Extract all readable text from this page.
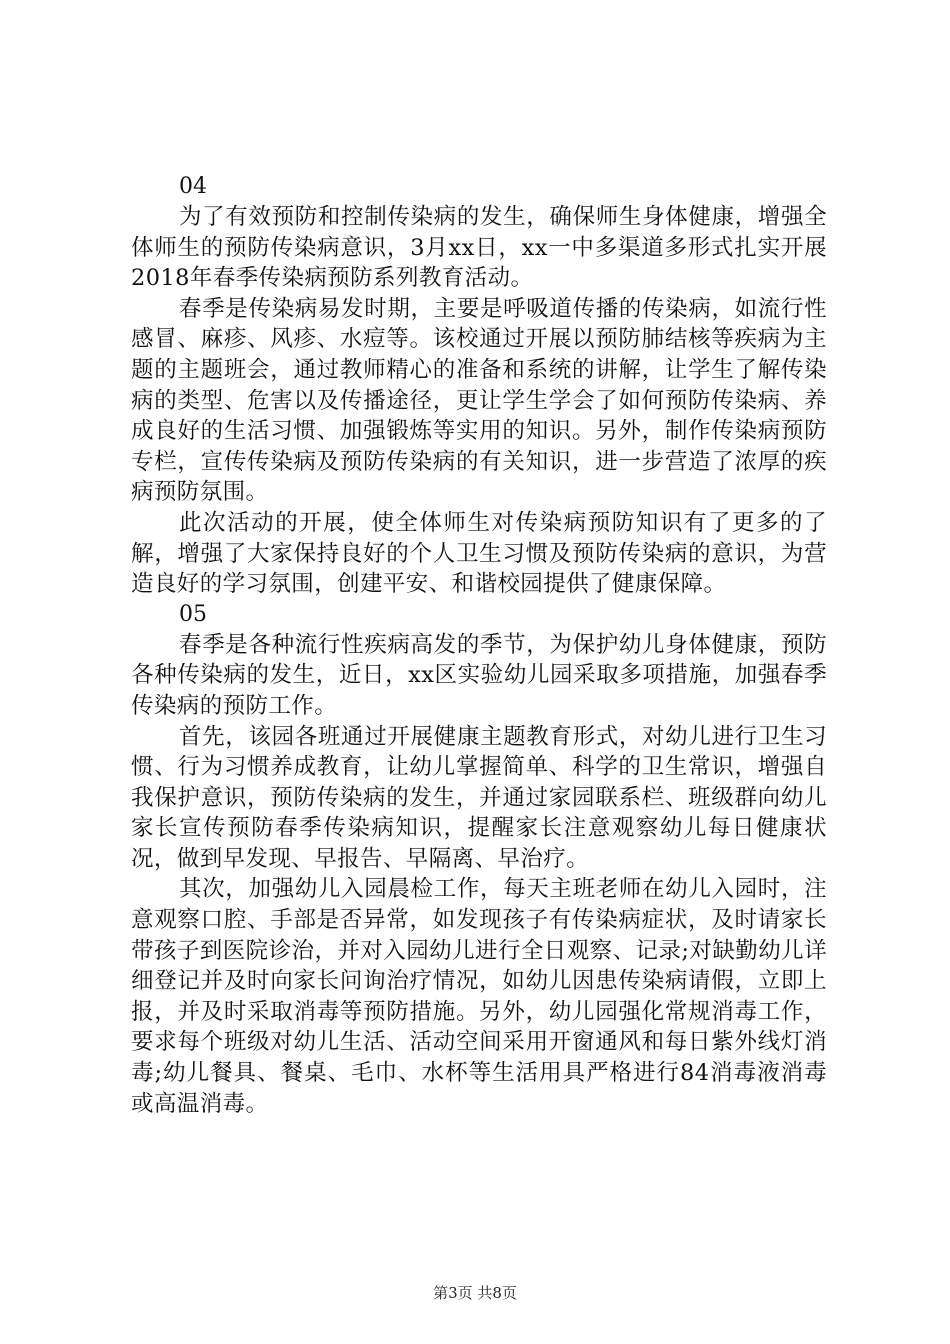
04

为了有效预防和控制传染病的发生，确保师生身体健康，增强全体师生的预防传染病意识，3月xx日，xx一中多渠道多形式扎实开展2018年春季传染病预防系列教育活动。

春季是传染病易发时期，主要是呼吸道传播的传染病，如流行性感冒、麻疹、风疹、水痘等。该校通过开展以预防肺结核等疾病为主题的主题班会，通过教师精心的准备和系统的讲解，让学生了解传染病的类型、危害以及传播途径，更让学生学会了如何预防传染病、养成良好的生活习惯、加强锻炼等实用的知识。另外，制作传染病预防专栏，宣传传染病及预防传染病的有关知识，进一步营造了浓厚的疾病预防氛围。

此次活动的开展，使全体师生对传染病预防知识有了更多的了解，增强了大家保持良好的个人卫生习惯及预防传染病的意识，为营造良好的学习氛围，创建平安、和谐校园提供了健康保障。

05

春季是各种流行性疾病高发的季节，为保护幼儿身体健康，预防各种传染病的发生，近日，xx区实验幼儿园采取多项措施，加强春季传染病的预防工作。

首先，该园各班通过开展健康主题教育形式，对幼儿进行卫生习惯、行为习惯养成教育，让幼儿掌握简单、科学的卫生常识，增强自我保护意识，预防传染病的发生，并通过家园联系栏、班级群向幼儿家长宣传预防春季传染病知识，提醒家长注意观察幼儿每日健康状况，做到早发现、早报告、早隔离、早治疗。

其次，加强幼儿入园晨检工作，每天主班老师在幼儿入园时，注意观察口腔、手部是否异常，如发现孩子有传染病症状，及时请家长带孩子到医院诊治，并对入园幼儿进行全日观察、记录;对缺勤幼儿详细登记并及时向家长问询治疗情况，如幼儿因患传染病请假，立即上报，并及时采取消毒等预防措施。另外，幼儿园强化常规消毒工作，要求每个班级对幼儿生活、活动空间采用开窗通风和每日紫外线灯消毒;幼儿餐具、餐桌、毛巾、水杯等生活用具严格进行84消毒液消毒或高温消毒。

第3页 共8页
